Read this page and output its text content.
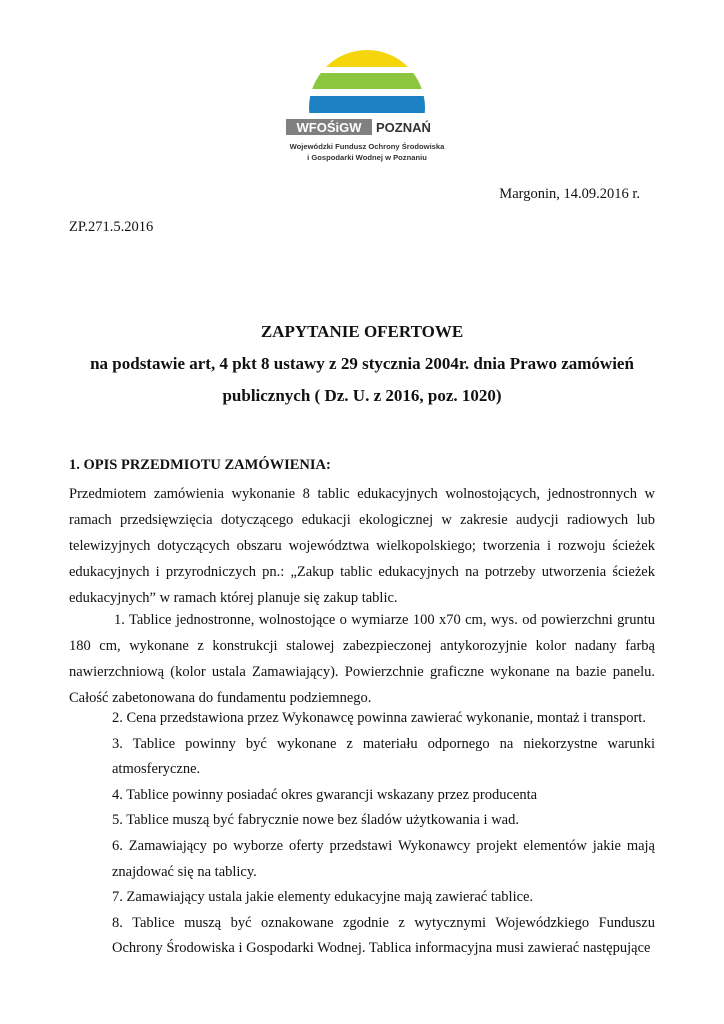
WFOŚiGW POZNAŃ
Wojewódzki Fundusz Ochrony Środowiska
i Gospodarki Wodnej w Poznaniu
Margonin, 14.09.2016 r.
ZP.271.5.2016
ZAPYTANIE OFERTOWE
na podstawie art, 4 pkt 8 ustawy z 29 stycznia 2004r. dnia Prawo zamówień
publicznych ( Dz. U. z 2016, poz. 1020)
1. OPIS PRZEDMIOTU ZAMÓWIENIA:
Przedmiotem zamówienia wykonanie 8 tablic edukacyjnych wolnostojących, jednostronnych w ramach przedsięwzięcia dotyczącego edukacji ekologicznej w zakresie audycji radiowych lub telewizyjnych dotyczących obszaru województwa wielkopolskiego; tworzenia i rozwoju ścieżek edukacyjnych i przyrodniczych pn.: „Zakup tablic edukacyjnych na potrzeby utworzenia ścieżek edukacyjnych” w ramach której planuje się zakup tablic.
1. Tablice jednostronne, wolnostojące o wymiarze 100 x70 cm, wys. od powierzchni gruntu 180 cm, wykonane z konstrukcji stalowej zabezpieczonej antykorozyjnie kolor nadany farbą nawierzchniową (kolor ustala Zamawiający). Powierzchnie graficzne wykonane na bazie panelu. Całość zabetonowana do fundamentu podziemnego.
2. Cena przedstawiona przez Wykonawcę powinna zawierać wykonanie, montaż i transport.
3. Tablice powinny być wykonane z materiału odpornego na niekorzystne warunki atmosferyczne.
4. Tablice powinny posiadać okres gwarancji wskazany przez producenta
5. Tablice muszą być fabrycznie nowe bez śladów użytkowania i wad.
6. Zamawiający po wyborze oferty przedstawi Wykonawcy projekt elementów jakie mają znajdować się na tablicy.
7. Zamawiający ustala jakie elementy edukacyjne mają zawierać tablice.
8. Tablice muszą być oznakowane zgodnie z wytycznymi Wojewódzkiego Funduszu Ochrony Środowiska i Gospodarki Wodnej. Tablica informacyjna musi zawierać następujące
